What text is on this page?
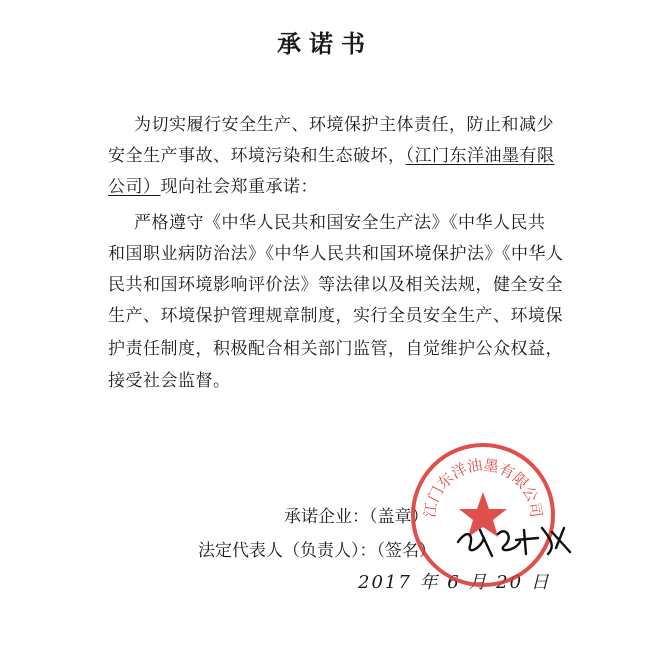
承诺书
为切实履行安全生产、环境保护主体责任，防止和减少
安全生产事故、环境污染和生态破坏，（江门东洋油墨有限
公司）现向社会郑重承诺：
严格遵守《中华人民共和国安全生产法》《中华人民共
和国职业病防治法》《中华人民共和国环境保护法》《中华人
民共和国环境影响评价法》等法律以及相关法规，健全安全
生产、环境保护管理规章制度，实行全员安全生产、环境保
护责任制度，积极配合相关部门监管，自觉维护公众权益，
接受社会监督。
承诺企业：（盖章）
法定代表人（负责人）：（签名）
2017 年 6 月 20 日
江门东洋油墨有限公司
